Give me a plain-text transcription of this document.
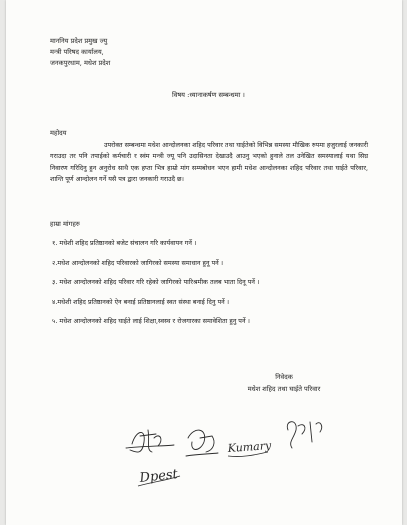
माननिय प्रदेश प्रमुख ज्यु
मन्त्री परिषद कार्यालय,
जनकपुरधाम, मधेश प्रदेश
विषय :ध्यानाकर्षण सम्बन्धमा ।
महोदय
उपरोक्त सम्बन्धमा मधेश आन्दोलनका शहिद परिवार तथा घाईतेको विभिन्न समस्या मौखिक रुपमा हजुरलाई जनकारी गराउदा तर पनि तपाईको कर्मचारी र स्वंम मन्त्री ज्यू पनि उदासिनता देखाउदै आउनु भएको हुनाले तल उनेखित समस्यालाई यथा सिघ्र निवारण गरिदिनु हुन अनुरोध साथै एक हप्ता भित्र हाम्रो मांग सम्मबोधन भएन हामी मधेश आन्दोलनका शहिद परिवार तथा घाईते परिवार, शान्ति पूर्ण आन्दोलन गर्ने यसै पत्र द्वारा जनकारी गराउदै छ।
हाम्रा मांगहरु
१. मधेशी शहिद प्रतिष्ठानको बजेट संचालन गरि कार्यवायन गर्ने ।
२.मधेश आन्दोलनको शहिद परिवारको जागिरको समस्या समाधान हुनू पर्ने ।
३. मधेश आन्दोलनको शहिद परिवार गरि रहेको जागिरको पारिश्रमीक तलब भाता दिनू पर्ने ।
४.मधेशी शहिद प्रतिष्ठानको ऐन बनाई प्रतिष्ठानलाई स्वत संस्था बनाई दिनु पर्ने ।
५. मधेश आन्दोलनको शहिद घाईते लाई शिक्षा,स्वस्थ र रोजगारका समावेशिता हुनु पर्ने ।
निवेदक
मधेश शहिद तथा घाईते परिवार
Kumary
Dpest
